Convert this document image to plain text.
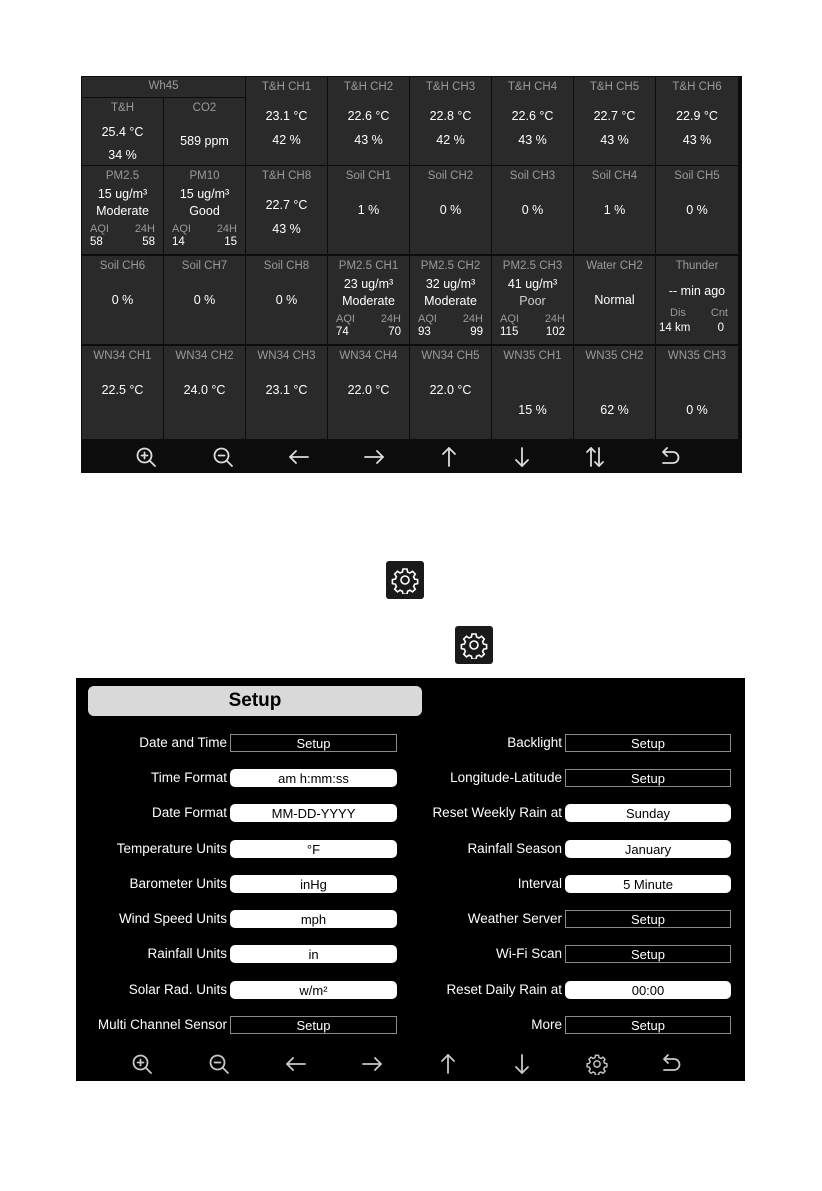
Wh45
T&H
25.4 °C
34 %
CO2
589 ppm
PM2.5
15 ug/m³
Moderate
AQI 24H
58	58
PM10
15 ug/m³
Good
AQI 24H
14	15
T&H CH1
23.1 °C
42 %
T&H CH2
22.6 °C
43 %
T&H CH3
22.8 °C
42 %
T&H CH4
22.6 °C
43 %
T&H CH5
22.7 °C
43 %
T&H CH6
22.9 °C
43 %
T&H CH8
22.7 °C
43 %
Soil CH1
1 %
Soil CH2
0 %
Soil CH3
0 %
Soil CH4
1 %
Soil CH5
0 %
Soil CH6
0 %
Soil CH7
0 %
Soil CH8
0 %
PM2.5 CH1
23 ug/m³
Moderate
AQI 24H
74	70
PM2.5 CH2
32 ug/m³
Moderate
AQI 24H
93	99
PM2.5 CH3
41 ug/m³
Poor
AQI 24H
115 102
Water CH2
Normal
Thunder
-- min ago
Dis Cnt
14 km 0
WN34 CH1
22.5 °C
WN34 CH2
24.0 °C
WN34 CH3
23.1 °C
WN34 CH4
22.0 °C
WN34 CH5
22.0 °C
WN35 CH1
15 %
WN35 CH2
62 %
WN35 CH3
0 %
Setup
Date and Time	Setup
Time Format	am h:mm:ss
Date Format	MM-DD-YYYY
Temperature Units	°F
Barometer Units	inHg
Wind Speed Units	mph
Rainfall Units	in
Solar Rad. Units	w/m²
Multi Channel Sensor	Setup
Backlight	Setup
Longitude-Latitude	Setup
Reset Weekly Rain at	Sunday
Rainfall Season	January
Interval	5 Minute
Weather Server	Setup
Wi-Fi Scan	Setup
Reset Daily Rain at	00:00
More	Setup
